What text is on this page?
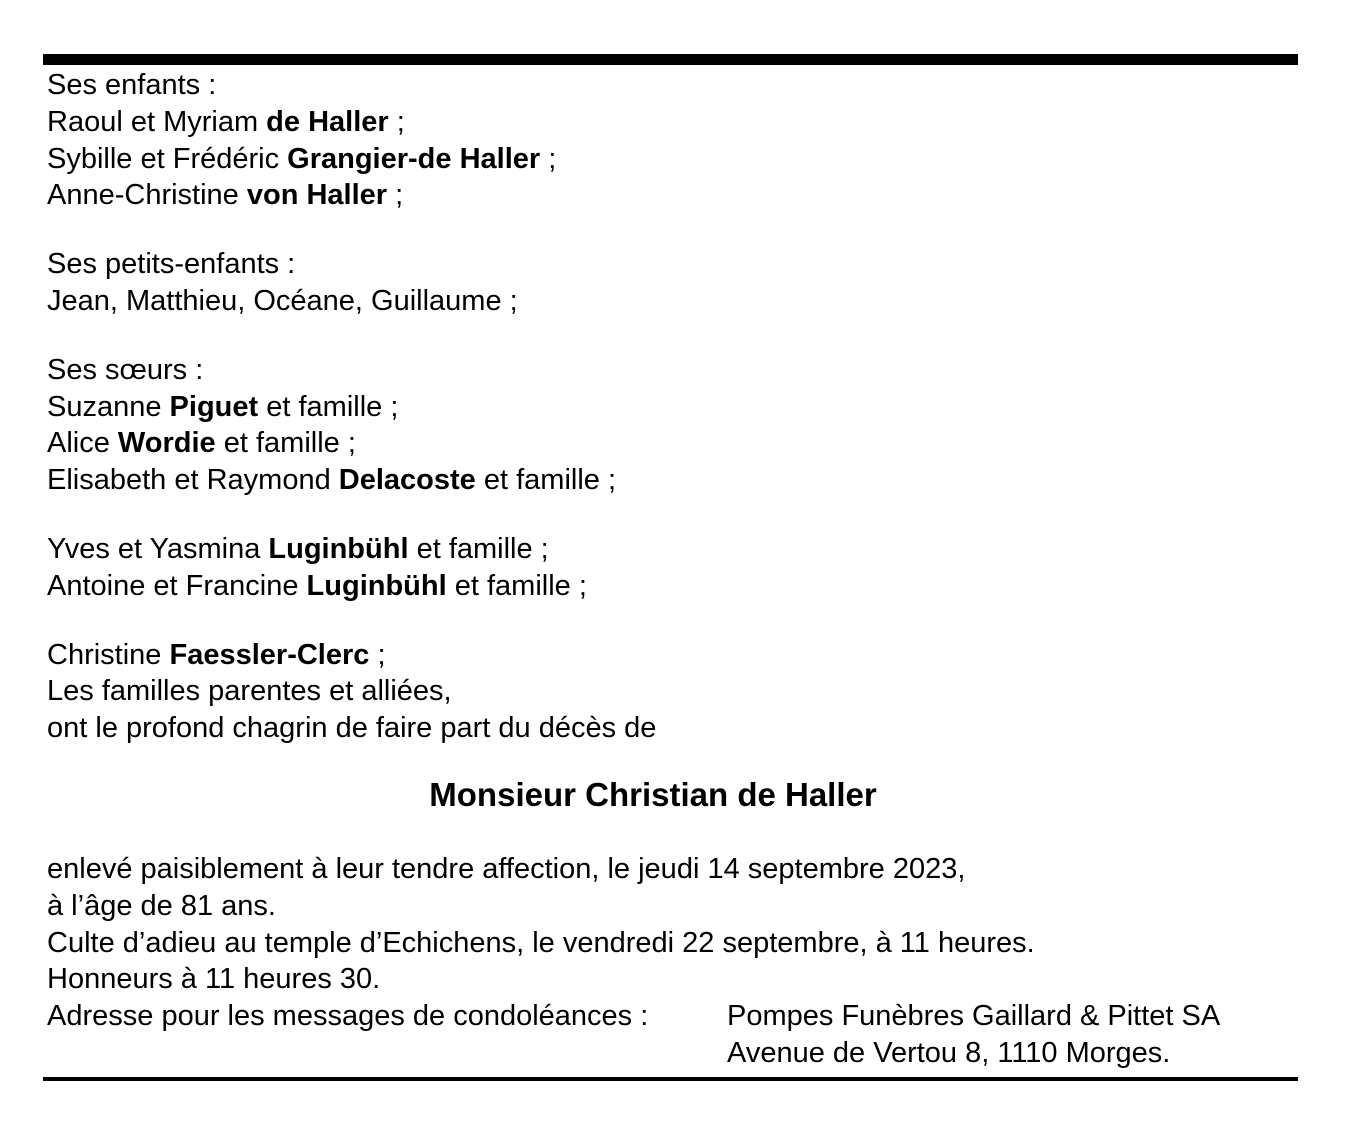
Ses enfants :
Raoul et Myriam de Haller ;
Sybille et Frédéric Grangier-de Haller ;
Anne-Christine von Haller ;
Ses petits-enfants :
Jean, Matthieu, Océane, Guillaume ;
Ses sœurs :
Suzanne Piguet et famille ;
Alice Wordie et famille ;
Elisabeth et Raymond Delacoste et famille ;
Yves et Yasmina Luginbühl et famille ;
Antoine et Francine Luginbühl et famille ;
Christine Faessler-Clerc ;
Les familles parentes et alliées,
ont le profond chagrin de faire part du décès de
Monsieur Christian de Haller
enlevé paisiblement à leur tendre affection, le jeudi 14 septembre 2023,
à l’âge de 81 ans.
Culte d’adieu au temple d’Echichens, le vendredi 22 septembre, à 11 heures.
Honneurs à 11 heures 30.
Adresse pour les messages de condoléances :	Pompes Funèbres Gaillard & Pittet SA
Avenue de Vertou 8, 1110 Morges.
